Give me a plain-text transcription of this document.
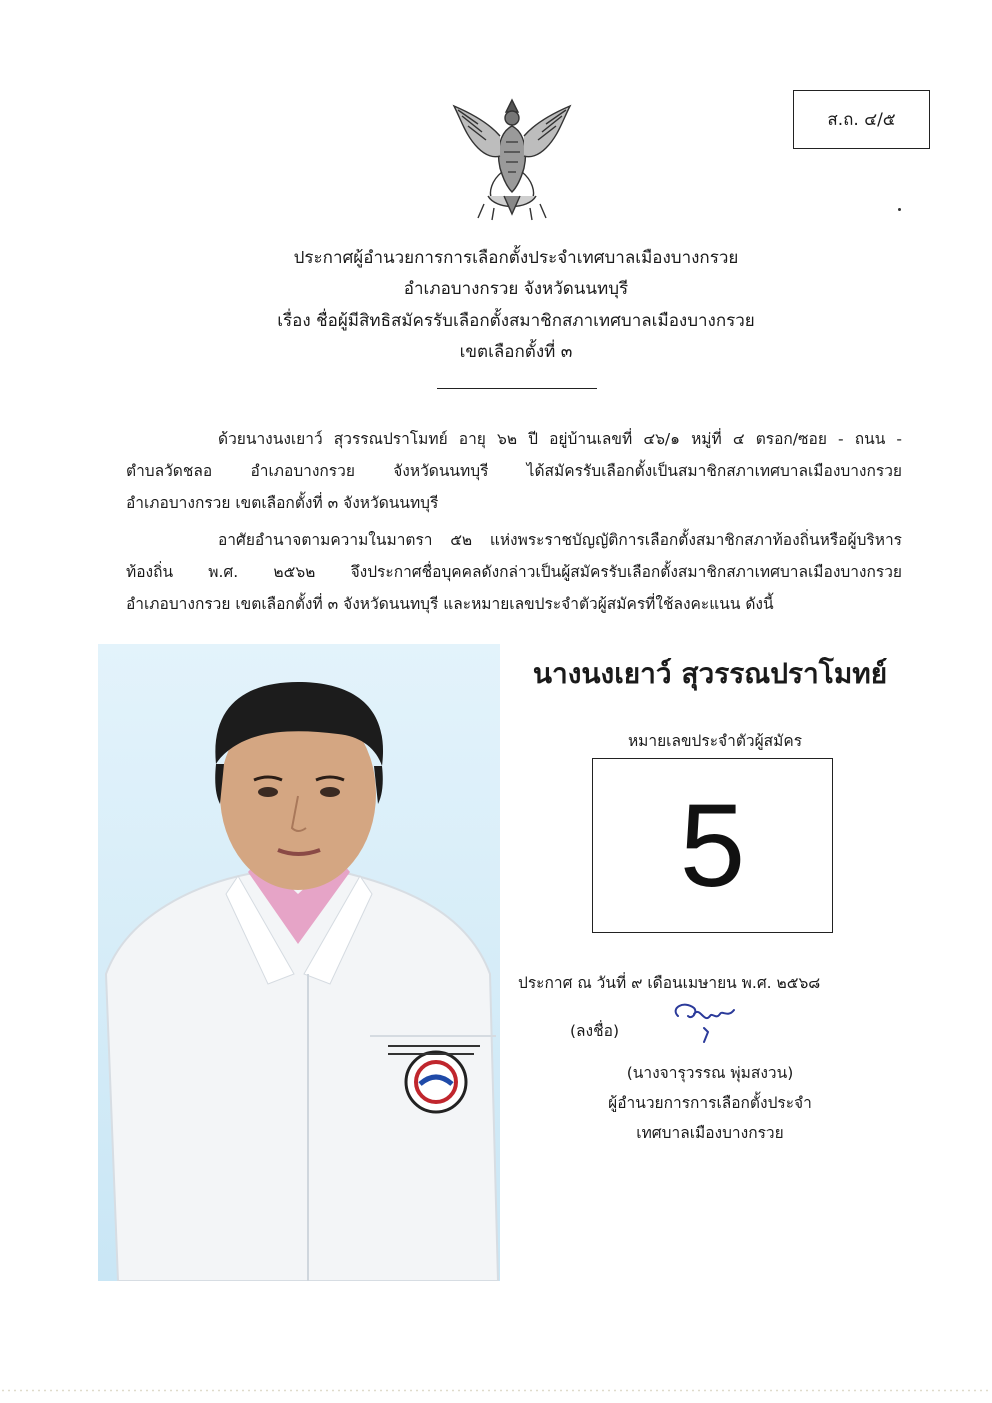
ส.ถ. ๔/๕
ประกาศผู้อำนวยการการเลือกตั้งประจำเทศบาลเมืองบางกรวย
อำเภอบางกรวย จังหวัดนนทบุรี
เรื่อง ชื่อผู้มีสิทธิสมัครรับเลือกตั้งสมาชิกสภาเทศบาลเมืองบางกรวย
เขตเลือกตั้งที่ ๓
ด้วยนางนงเยาว์ สุวรรณปราโมทย์ อายุ ๖๒ ปี อยู่บ้านเลขที่ ๔๖/๑ หมู่ที่ ๔ ตรอก/ซอย - ถนน -
ตำบลวัดชลอ อำเภอบางกรวย จังหวัดนนทบุรี ได้สมัครรับเลือกตั้งเป็นสมาชิกสภาเทศบาลเมืองบางกรวย
อำเภอบางกรวย เขตเลือกตั้งที่ ๓ จังหวัดนนทบุรี
อาศัยอำนาจตามความในมาตรา ๕๒ แห่งพระราชบัญญัติการเลือกตั้งสมาชิกสภาท้องถิ่นหรือผู้บริหาร
ท้องถิ่น พ.ศ. ๒๕๖๒ จึงประกาศชื่อบุคคลดังกล่าวเป็นผู้สมัครรับเลือกตั้งสมาชิกสภาเทศบาลเมืองบางกรวย
อำเภอบางกรวย เขตเลือกตั้งที่ ๓ จังหวัดนนทบุรี และหมายเลขประจำตัวผู้สมัครที่ใช้ลงคะแนน ดังนี้
นางนงเยาว์ สุวรรณปราโมทย์
หมายเลขประจำตัวผู้สมัคร
5
ประกาศ ณ วันที่ ๙ เดือนเมษายน พ.ศ. ๒๕๖๘
(ลงชื่อ)
(นางจารุวรรณ พุ่มสงวน)
ผู้อำนวยการการเลือกตั้งประจำ
เทศบาลเมืองบางกรวย
